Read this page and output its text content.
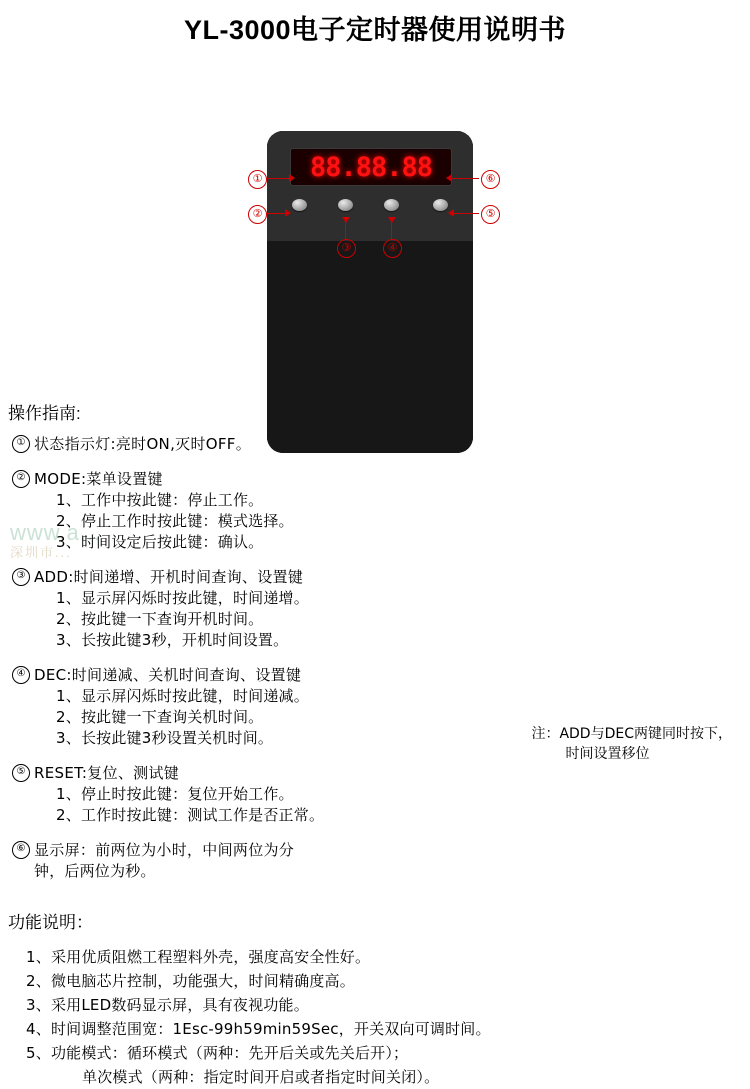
YL-3000电子定时器使用说明书
88.88.88
①	⑥
②	⑤
③	④
www.a...
深圳市...
操作指南:
① 状态指示灯:亮时ON,灭时OFF。
② MODE:菜单设置键
1、工作中按此键：停止工作。
2、停止工作时按此键：模式选择。
3、时间设定后按此键：确认。
③ ADD:时间递增、开机时间查询、设置键
1、显示屏闪烁时按此键，时间递增。
2、按此键一下查询开机时间。
3、长按此键3秒，开机时间设置。
④ DEC:时间递减、关机时间查询、设置键
1、显示屏闪烁时按此键，时间递减。
2、按此键一下查询关机时间。
3、长按此键3秒设置关机时间。
⑤ RESET:复位、测试键
1、停止时按此键：复位开始工作。
2、工作时按此键：测试工作是否正常。
⑥ 显示屏：前两位为小时，中间两位为分
钟，后两位为秒。
注：ADD与DEC两键同时按下，
时间设置移位
功能说明：
1、采用优质阻燃工程塑料外壳，强度高安全性好。
2、微电脑芯片控制，功能强大，时间精确度高。
3、采用LED数码显示屏，具有夜视功能。
4、时间调整范围宽：1Esc-99h59min59Sec，开关双向可调时间。
5、功能模式：循环模式（两种：先开后关或先关后开）；
单次模式（两种：指定时间开启或者指定时间关闭）。
